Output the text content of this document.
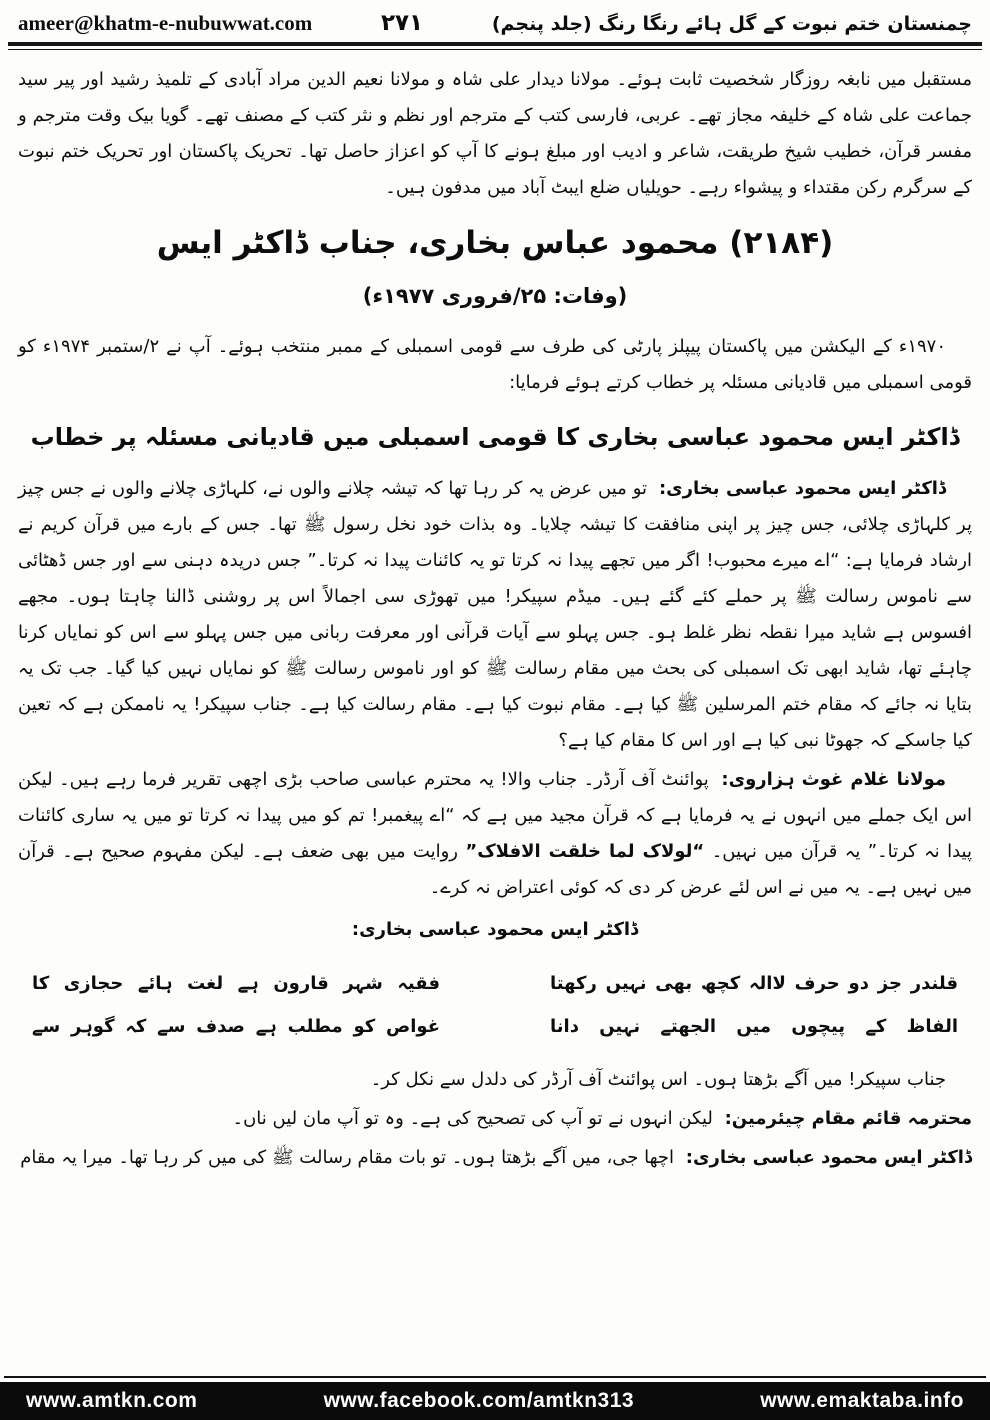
ameer@khatm-e-nubuwwat.com	۲۷۱	چمنستان ختم نبوت کے گل ہائے رنگا رنگ (جلد پنجم)

مستقبل میں نابغہ روزگار شخصیت ثابت ہوئے۔ مولانا دیدار علی شاہ و مولانا نعیم الدین مراد آبادی کے تلمیذ رشید اور پیر سید جماعت علی شاہ کے خلیفہ مجاز تھے۔ عربی، فارسی کتب کے مترجم اور نظم و نثر کتب کے مصنف تھے۔ گویا بیک وقت مترجم و مفسر قرآن، خطیب شیخ طریقت، شاعر و ادیب اور مبلغ ہونے کا آپ کو اعزاز حاصل تھا۔ تحریک پاکستان اور تحریک ختم نبوت کے سرگرم رکن مقتداء و پیشواء رہے۔ حویلیاں ضلع ایبٹ آباد میں مدفون ہیں۔

(۲۱۸۴) محمود عباس بخاری، جناب ڈاکٹر ایس
(وفات: ۲۵/فروری ۱۹۷۷ء)

۱۹۷۰ء کے الیکشن میں پاکستان پیپلز پارٹی کی طرف سے قومی اسمبلی کے ممبر منتخب ہوئے۔ آپ نے ۲/ستمبر ۱۹۷۴ء کو قومی اسمبلی میں قادیانی مسئلہ پر خطاب کرتے ہوئے فرمایا:

ڈاکٹر ایس محمود عباسی بخاری کا قومی اسمبلی میں قادیانی مسئلہ پر خطاب

ڈاکٹر ایس محمود عباسی بخاری: تو میں عرض یہ کر رہا تھا کہ تیشہ چلانے والوں نے، کلہاڑی چلانے والوں نے جس چیز پر کلہاڑی چلائی، جس چیز پر اپنی منافقت کا تیشہ چلایا۔ وہ بذات خود نخل رسول ﷺ تھا۔ جس کے بارے میں قرآن کریم نے ارشاد فرمایا ہے: “اے میرے محبوب! اگر میں تجھے پیدا نہ کرتا تو یہ کائنات پیدا نہ کرتا۔” جس دریدہ دہنی سے اور جس ڈھٹائی سے ناموس رسالت ﷺ پر حملے کئے گئے ہیں۔ میڈم سپیکر! میں تھوڑی سی اجمالاً اس پر روشنی ڈالنا چاہتا ہوں۔ مجھے افسوس ہے شاید میرا نقطہ نظر غلط ہو۔ جس پہلو سے آیات قرآنی اور معرفت ربانی میں جس پہلو سے اس کو نمایاں کرنا چاہئے تھا، شاید ابھی تک اسمبلی کی بحث میں مقام رسالت ﷺ کو اور ناموس رسالت ﷺ کو نمایاں نہیں کیا گیا۔ جب تک یہ بتایا نہ جائے کہ مقام ختم المرسلین ﷺ کیا ہے۔ مقام نبوت کیا ہے۔ مقام رسالت کیا ہے۔ جناب سپیکر! یہ ناممکن ہے کہ تعین کیا جاسکے کہ جھوٹا نبی کیا ہے اور اس کا مقام کیا ہے؟

مولانا غلام غوث ہزاروی: پوائنٹ آف آرڈر۔ جناب والا! یہ محترم عباسی صاحب بڑی اچھی تقریر فرما رہے ہیں۔ لیکن اس ایک جملے میں انہوں نے یہ فرمایا ہے کہ قرآن مجید میں ہے کہ “اے پیغمبر! تم کو میں پیدا نہ کرتا تو میں یہ ساری کائنات پیدا نہ کرتا۔” یہ قرآن میں نہیں۔ “لولاک لما خلقت الافلاک” روایت میں بھی ضعف ہے۔ لیکن مفہوم صحیح ہے۔ قرآن میں نہیں ہے۔ یہ میں نے اس لئے عرض کر دی کہ کوئی اعتراض نہ کرے۔

ڈاکٹر ایس محمود عباسی بخاری:

قلندر جز دو حرف لاالہ کچھ بھی نہیں رکھتا
الفاظ کے پیچوں میں الجھتے نہیں دانا
فقیہ شہر قارون ہے لغت ہائے حجازی کا
غواص کو مطلب ہے صدف سے کہ گوہر سے

جناب سپیکر! میں آگے بڑھتا ہوں۔ اس پوائنٹ آف آرڈر کی دلدل سے نکل کر۔

محترمہ قائم مقام چیئرمین: لیکن انہوں نے تو آپ کی تصحیح کی ہے۔ وہ تو آپ مان لیں ناں۔

ڈاکٹر ایس محمود عباسی بخاری: اچھا جی، میں آگے بڑھتا ہوں۔ تو بات مقام رسالت ﷺ کی میں کر رہا تھا۔ میرا یہ مقام

www.amtkn.com	www.facebook.com/amtkn313	www.emaktaba.info
